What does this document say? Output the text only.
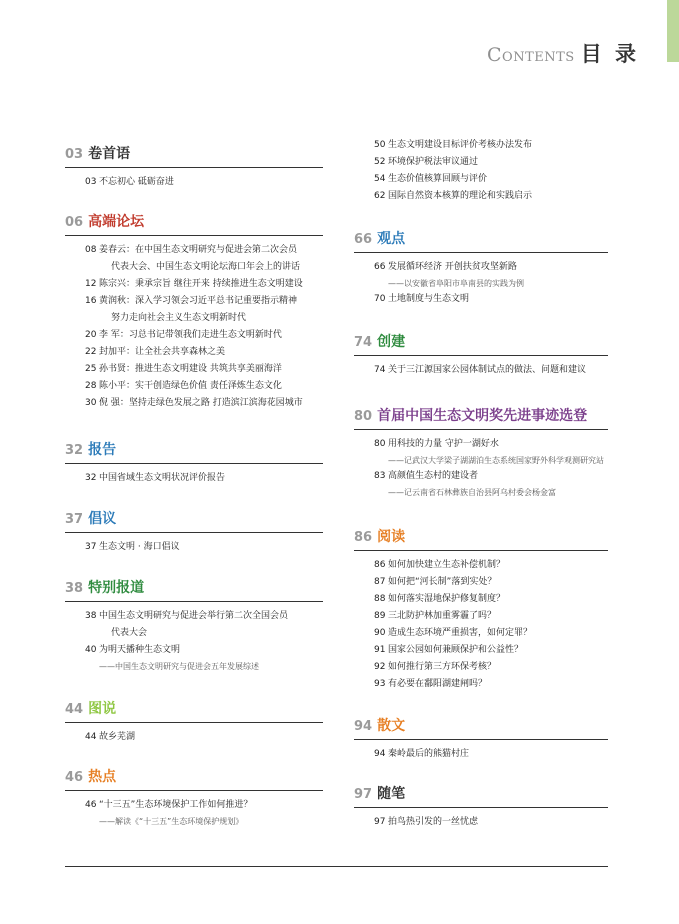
Contents 目 录
03 卷首语
03 不忘初心 砥砺奋进
06 高端论坛
08 姜春云：在中国生态文明研究与促进会第二次会员
代表大会、中国生态文明论坛海口年会上的讲话
12 陈宗兴：秉承宗旨 继往开来 持续推进生态文明建设
16 黄润秋：深入学习领会习近平总书记重要指示精神
努力走向社会主义生态文明新时代
20 李 军：习总书记带领我们走进生态文明新时代
22 封加平：让全社会共享森林之美
25 孙书贤：推进生态文明建设 共筑共享美丽海洋
28 陈小平：实干创造绿色价值 责任泽炼生态文化
30 倪 强：坚持走绿色发展之路 打造滨江滨海花园城市
32 报告
32 中国省域生态文明状况评价报告
37 倡议
37 生态文明 · 海口倡议
38 特别报道
38 中国生态文明研究与促进会举行第二次全国会员
代表大会
40 为明天播种生态文明
——中国生态文明研究与促进会五年发展综述
44 图说
44 故乡芜湖
46 热点
46 “十三五”生态环境保护工作如何推进？
——解读《“十三五”生态环境保护规划》
50 生态文明建设目标评价考核办法发布
52 环境保护税法审议通过
54 生态价值核算回顾与评价
62 国际自然资本核算的理论和实践启示
66 观点
66 发展循环经济 开创扶贫攻坚新路
——以安徽省阜阳市阜南县的实践为例
70 土地制度与生态文明
74 创建
74 关于三江源国家公园体制试点的做法、问题和建议
80 首届中国生态文明奖先进事迹选登
80 用科技的力量 守护一湖好水
——记武汉大学梁子湖湖泊生态系统国家野外科学观测研究站
83 高颜值生态村的建设者
——记云南省石林彝族自治县阿乌村委会杨金富
86 阅读
86 如何加快建立生态补偿机制？
87 如何把“河长制”落到实处？
88 如何落实湿地保护修复制度？
89 三北防护林加重雾霾了吗？
90 造成生态环境严重损害，如何定罪？
91 国家公园如何兼顾保护和公益性？
92 如何推行第三方环保考核？
93 有必要在鄱阳湖建闸吗？
94 散文
94 秦岭最后的熊猫村庄
97 随笔
97 拍鸟热引发的一丝忧虑
